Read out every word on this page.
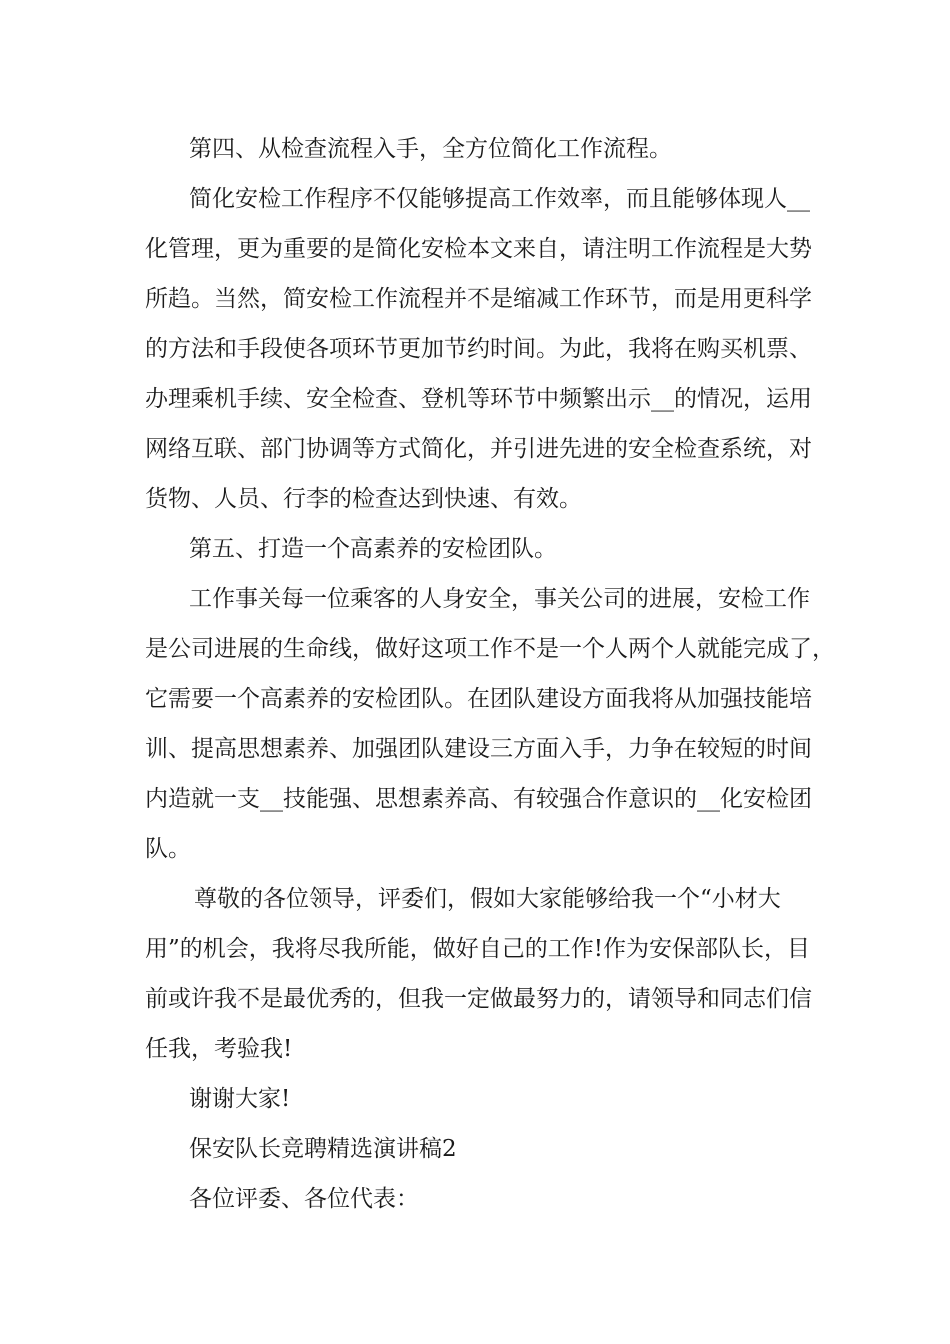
第四、从检查流程入手，全方位简化工作流程。
简化安检工作程序不仅能够提高工作效率，而且能够体现人__
化管理，更为重要的是简化安检本文来自，请注明工作流程是大势
所趋。当然，简安检工作流程并不是缩减工作环节，而是用更科学
的方法和手段使各项环节更加节约时间。为此，我将在购买机票、
办理乘机手续、安全检查、登机等环节中频繁出示__的情况，运用
网络互联、部门协调等方式简化，并引进先进的安全检查系统，对
货物、人员、行李的检查达到快速、有效。
第五、打造一个高素养的安检团队。
工作事关每一位乘客的人身安全，事关公司的进展，安检工作
是公司进展的生命线，做好这项工作不是一个人两个人就能完成了，
它需要一个高素养的安检团队。在团队建设方面我将从加强技能培
训、提高思想素养、加强团队建设三方面入手，力争在较短的时间
内造就一支__技能强、思想素养高、有较强合作意识的__化安检团
队。
尊敬的各位领导，评委们，假如大家能够给我一个“小材大
用”的机会，我将尽我所能，做好自己的工作!作为安保部队长，目
前或许我不是最优秀的，但我一定做最努力的，请领导和同志们信
任我，考验我!
谢谢大家!
保安队长竞聘精选演讲稿2
各位评委、各位代表：
